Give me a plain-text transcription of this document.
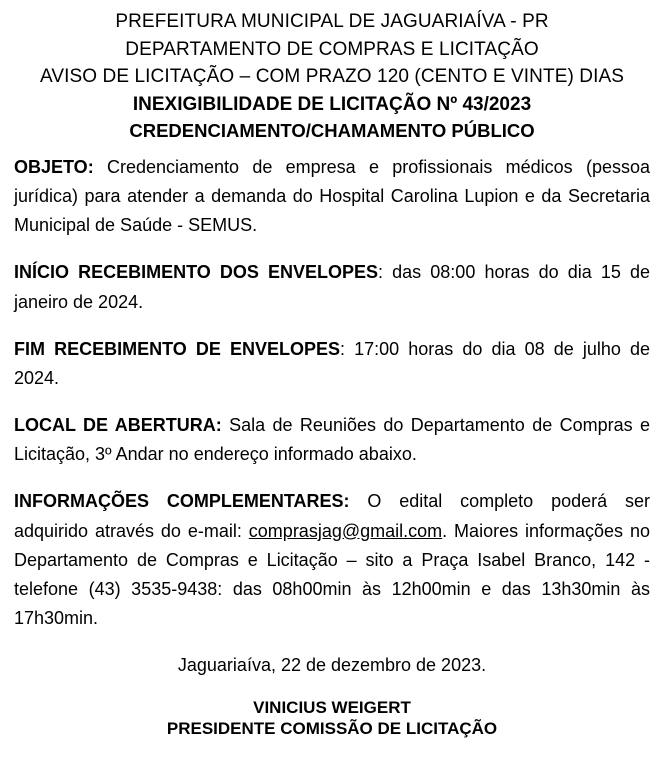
PREFEITURA MUNICIPAL DE JAGUARIAÍVA - PR
DEPARTAMENTO DE COMPRAS E LICITAÇÃO
AVISO DE LICITAÇÃO – COM PRAZO 120 (CENTO E VINTE) DIAS
INEXIGIBILIDADE DE LICITAÇÃO Nº 43/2023
CREDENCIAMENTO/CHAMAMENTO PÚBLICO

OBJETO: Credenciamento de empresa e profissionais médicos (pessoa jurídica) para atender a demanda do Hospital Carolina Lupion e da Secretaria Municipal de Saúde - SEMUS.

INÍCIO RECEBIMENTO DOS ENVELOPES: das 08:00 horas do dia 15 de janeiro de 2024.

FIM RECEBIMENTO DE ENVELOPES: 17:00 horas do dia 08 de julho de 2024.

LOCAL DE ABERTURA: Sala de Reuniões do Departamento de Compras e Licitação, 3º Andar no endereço informado abaixo.

INFORMAÇÕES COMPLEMENTARES: O edital completo poderá ser adquirido através do e-mail: comprasjag@gmail.com. Maiores informações no Departamento de Compras e Licitação – sito a Praça Isabel Branco, 142 - telefone (43) 3535-9438: das 08h00min às 12h00min e das 13h30min às 17h30min.

Jaguariaíva, 22 de dezembro de 2023.
VINICIUS WEIGERT
PRESIDENTE COMISSÃO DE LICITAÇÃO
